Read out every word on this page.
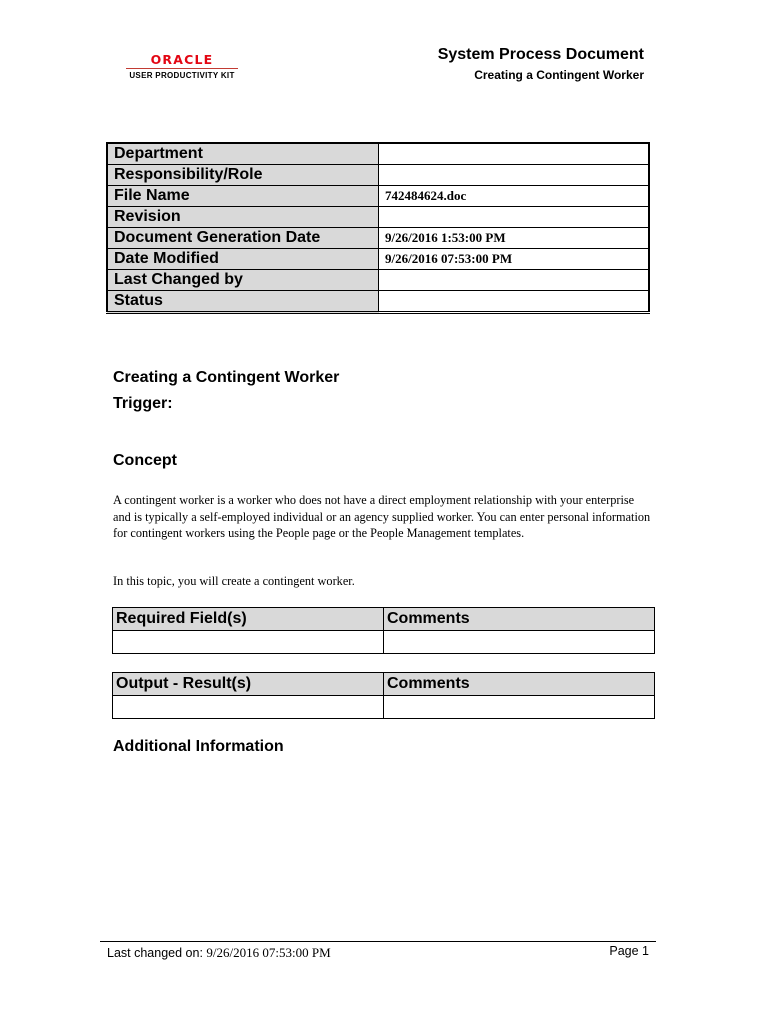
ORACLE
USER PRODUCTIVITY KIT
System Process Document
Creating a Contingent Worker
Department	
Responsibility/Role	
File Name	742484624.doc
Revision	
Document Generation Date	9/26/2016 1:53:00 PM
Date Modified	9/26/2016 07:53:00 PM
Last Changed by	
Status	
Creating a Contingent Worker
Trigger:
Concept

A contingent worker is a worker who does not have a direct employment relationship with your enterprise and is typically a self-employed individual or an agency supplied worker. You can enter personal information for contingent workers using the People page or the People Management templates.

In this topic, you will create a contingent worker.

Required Field(s)	Comments

Output - Result(s)	Comments

Additional Information
Last changed on: 9/26/2016 07:53:00 PM	Page 1
